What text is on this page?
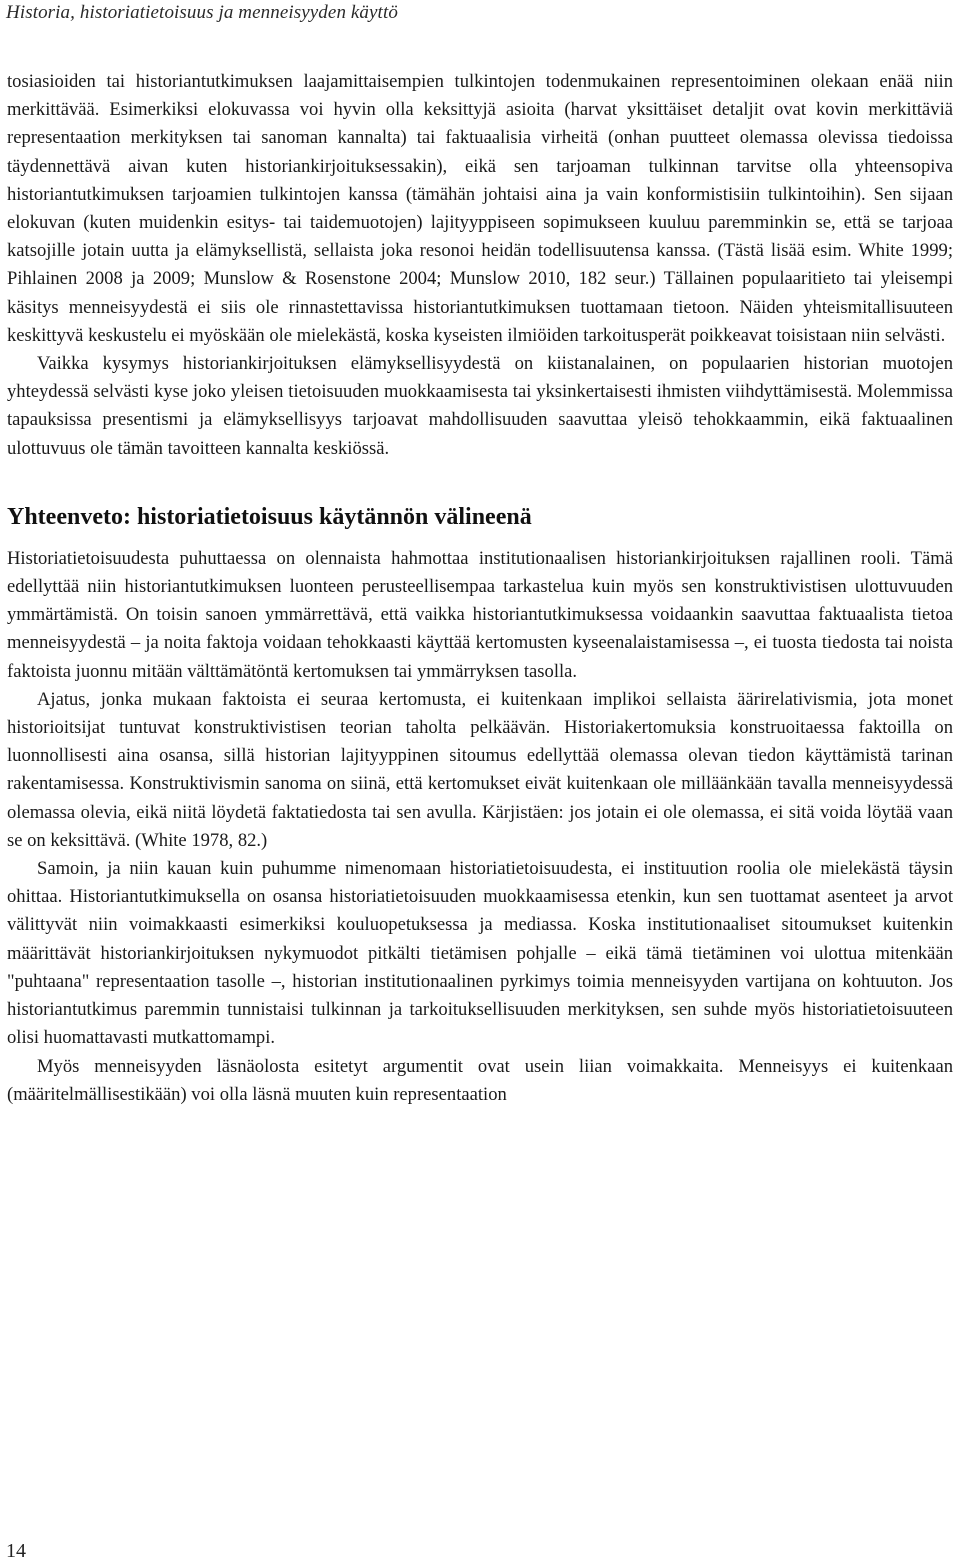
Historia, historiatietoisuus ja menneisyyden käyttö

tosiasioiden tai historiantutkimuksen laajamittaisempien tulkintojen todenmukainen representoiminen olekaan enää niin merkittävää. Esimerkiksi elokuvassa voi hyvin olla keksittyjä asioita (harvat yksittäiset detaljit ovat kovin merkittäviä representaation merkityksen tai sanoman kannalta) tai faktuaalisia virheitä (onhan puutteet olemassa olevissa tiedoissa täydennettävä aivan kuten historiankirjoituksessakin), eikä sen tarjoaman tulkinnan tarvitse olla yhteensopiva historiantutkimuksen tarjoamien tulkintojen kanssa (tämähän johtaisi aina ja vain konformistisiin tulkintoihin). Sen sijaan elokuvan (kuten muidenkin esitys- tai taidemuotojen) lajityyppiseen sopimukseen kuuluu paremminkin se, että se tarjoaa katsojille jotain uutta ja elämyksellistä, sellaista joka resonoi heidän todellisuutensa kanssa. (Tästä lisää esim. White 1999; Pihlainen 2008 ja 2009; Munslow & Rosenstone 2004; Munslow 2010, 182 seur.) Tällainen populaaritieto tai yleisempi käsitys menneisyydestä ei siis ole rinnastettavissa historiantutkimuksen tuottamaan tietoon. Näiden yhteismitallisuuteen keskittyvä keskustelu ei myöskään ole mielekästä, koska kyseisten ilmiöiden tarkoitusperät poikkeavat toisistaan niin selvästi.

Vaikka kysymys historiankirjoituksen elämyksellisyydestä on kiistanalainen, on populaarien historian muotojen yhteydessä selvästi kyse joko yleisen tietoisuuden muokkaamisesta tai yksinkertaisesti ihmisten viihdyttämisestä. Molemmissa tapauksissa presentismi ja elämyksellisyys tarjoavat mahdollisuuden saavuttaa yleisö tehokkaammin, eikä faktuaalinen ulottuvuus ole tämän tavoitteen kannalta keskiössä.

Yhteenveto: historiatietoisuus käytännön välineenä

Historiatietoisuudesta puhuttaessa on olennaista hahmottaa institutionaalisen historiankirjoituksen rajallinen rooli. Tämä edellyttää niin historiantutkimuksen luonteen perusteellisempaa tarkastelua kuin myös sen konstruktivistisen ulottuvuuden ymmärtämistä. On toisin sanoen ymmärrettävä, että vaikka historiantutkimuksessa voidaankin saavuttaa faktuaalista tietoa menneisyydestä – ja noita faktoja voidaan tehokkaasti käyttää kertomusten kyseenalaistamisessa –, ei tuosta tiedosta tai noista faktoista juonnu mitään välttämätöntä kertomuksen tai ymmärryksen tasolla.

Ajatus, jonka mukaan faktoista ei seuraa kertomusta, ei kuitenkaan implikoi sellaista äärirelativismia, jota monet historioitsijat tuntuvat konstruktivistisen teorian taholta pelkäävän. Historiakertomuksia konstruoitaessa faktoilla on luonnollisesti aina osansa, sillä historian lajityyppinen sitoumus edellyttää olemassa olevan tiedon käyttämistä tarinan rakentamisessa. Konstruktivismin sanoma on siinä, että kertomukset eivät kuitenkaan ole milläänkään tavalla menneisyydessä olemassa olevia, eikä niitä löydetä faktatiedosta tai sen avulla. Kärjistäen: jos jotain ei ole olemassa, ei sitä voida löytää vaan se on keksittävä. (White 1978, 82.)

Samoin, ja niin kauan kuin puhumme nimenomaan historiatietoisuudesta, ei instituution roolia ole mielekästä täysin ohittaa. Historiantutkimuksella on osansa historiatietoisuuden muokkaamisessa etenkin, kun sen tuottamat asenteet ja arvot välittyvät niin voimakkaasti esimerkiksi kouluopetuksessa ja mediassa. Koska institutionaaliset sitoumukset kuitenkin määrittävät historiankirjoituksen nykymuodot pitkälti tietämisen pohjalle – eikä tämä tietäminen voi ulottua mitenkään "puhtaana" representaation tasolle –, historian institutionaalinen pyrkimys toimia menneisyyden vartijana on kohtuuton. Jos historiantutkimus paremmin tunnistaisi tulkinnan ja tarkoituksellisuuden merkityksen, sen suhde myös historiatietoisuuteen olisi huomattavasti mutkattomampi.

Myös menneisyyden läsnäolosta esitetyt argumentit ovat usein liian voimakkaita. Menneisyys ei kuitenkaan (määritelmällisestikään) voi olla läsnä muuten kuin representaation

14
